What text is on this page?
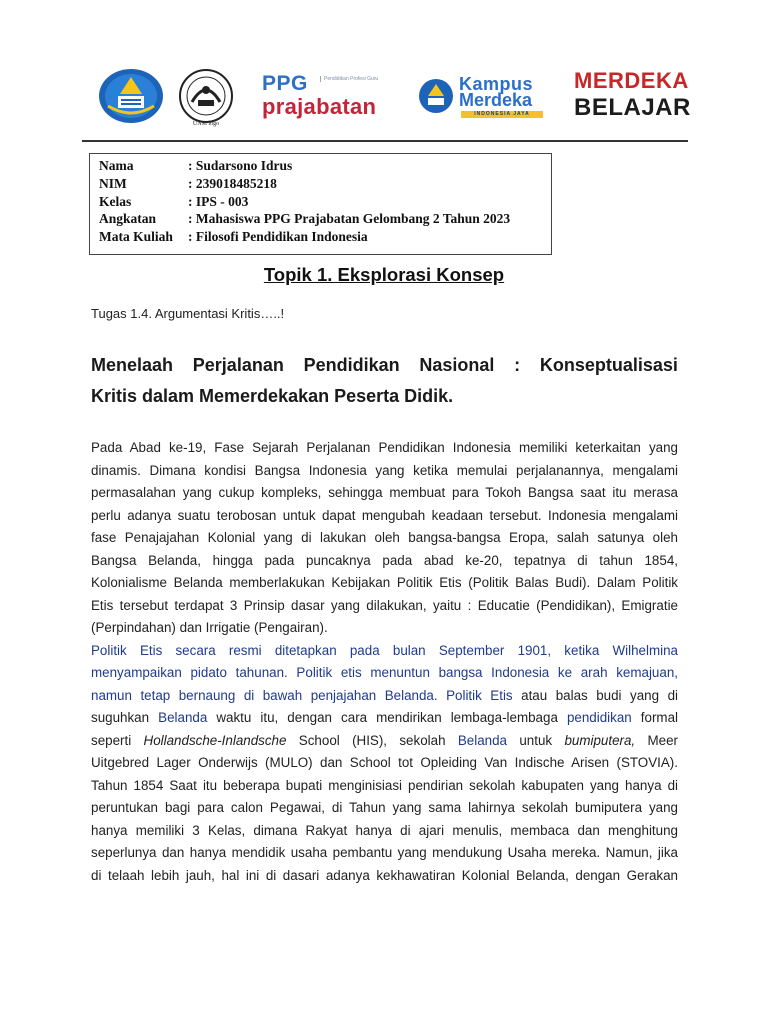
UNM logo
PPG	Pendidikan Profesi Guru
prajabatan
Kampus
Merdeka
INDONESIA JAYA
MERDEKA
BELAJAR
Nama	: Sudarsono Idrus
NIM	: 239018485218
Kelas	: IPS - 003
Angkatan	: Mahasiswa PPG Prajabatan Gelombang 2 Tahun 2023
Mata Kuliah	: Filosofi Pendidikan Indonesia
Topik 1. Eksplorasi Konsep
Tugas 1.4. Argumentasi Kritis…..!
Menelaah Perjalanan Pendidikan Nasional : Konseptualisasi
Kritis dalam Memerdekakan Peserta Didik.
Pada Abad ke-19, Fase Sejarah Perjalanan Pendidikan Indonesia memiliki keterkaitan yang
dinamis. Dimana kondisi Bangsa Indonesia yang ketika memulai perjalanannya, mengalami
permasalahan yang cukup kompleks, sehingga membuat para Tokoh Bangsa saat itu merasa
perlu adanya suatu terobosan untuk dapat mengubah keadaan tersebut. Indonesia mengalami
fase Penajajahan Kolonial yang di lakukan oleh bangsa-bangsa Eropa, salah satunya oleh
Bangsa Belanda, hingga pada puncaknya pada abad ke-20, tepatnya di tahun 1854,
Kolonialisme Belanda memberlakukan Kebijakan Politik Etis (Politik Balas Budi). Dalam Politik
Etis tersebut terdapat 3 Prinsip dasar yang dilakukan, yaitu : Educatie (Pendidikan), Emigratie
(Perpindahan) dan Irrigatie (Pengairan).
Politik Etis secara resmi ditetapkan pada bulan September 1901, ketika Wilhelmina
menyampaikan pidato tahunan. Politik etis menuntun bangsa Indonesia ke arah kemajuan,
namun tetap bernaung di bawah penjajahan Belanda. Politik Etis atau balas budi yang di
suguhkan Belanda waktu itu, dengan cara mendirikan lembaga-lembaga pendidikan formal
seperti Hollandsche-Inlandsche School (HIS), sekolah Belanda untuk bumiputera, Meer
Uitgebred Lager Onderwijs (MULO) dan School tot Opleiding Van Indische Arisen (STOVIA).
Tahun 1854 Saat itu beberapa bupati menginisiasi pendirian sekolah kabupaten yang hanya di
peruntukan bagi para calon Pegawai, di Tahun yang sama lahirnya sekolah bumiputera yang
hanya memiliki 3 Kelas, dimana Rakyat hanya di ajari menulis, membaca dan menghitung
seperlunya dan hanya mendidik usaha pembantu yang mendukung Usaha mereka. Namun, jika
di telaah lebih jauh, hal ini di dasari adanya kekhawatiran Kolonial Belanda, dengan Gerakan
